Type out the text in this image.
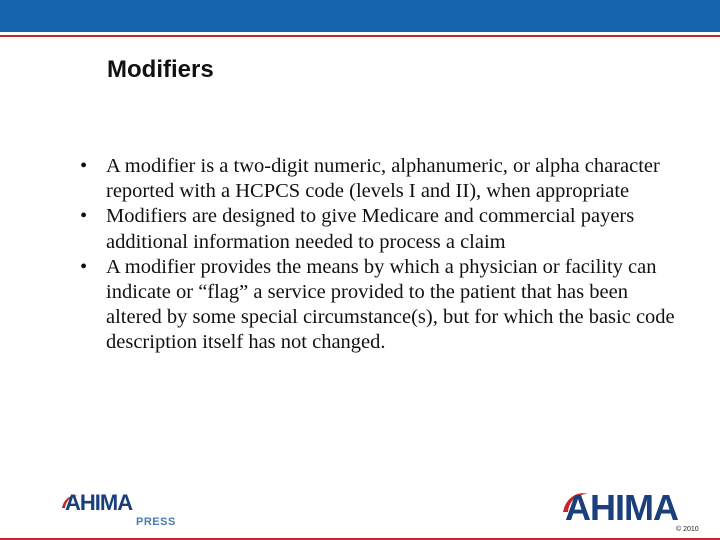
Modifiers
• A modifier is a two-digit numeric, alphanumeric, or alpha character reported with a HCPCS code (levels I and II), when appropriate
• Modifiers are designed to give Medicare and commercial payers additional information needed to process a claim
• A modifier provides the means by which a physician or facility can indicate or “flag” a service provided to the patient that has been altered by some special circumstance(s), but for which the basic code description itself has not changed.
AHIMA
PRESS	AHIMA
© 2010
